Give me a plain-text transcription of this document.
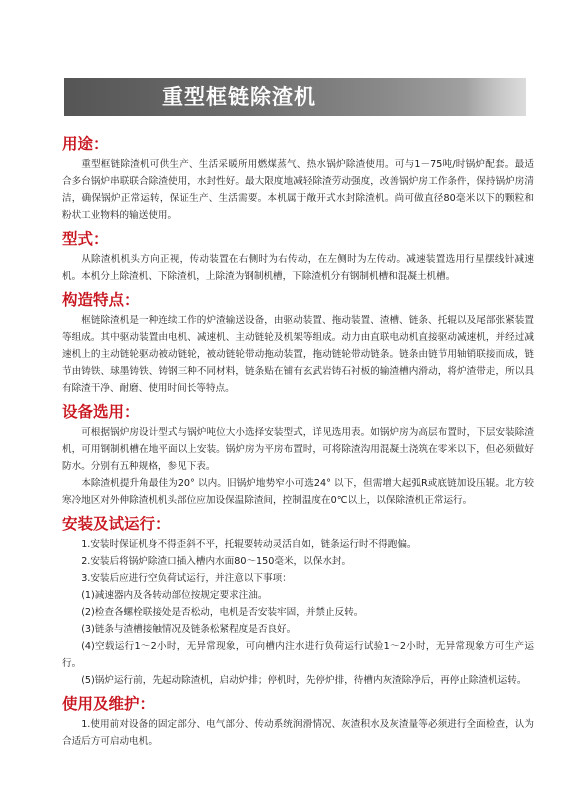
重型框链除渣机
用途：

重型框链除渣机可供生产、生活采暖所用燃煤蒸气、热水锅炉除渣使用。可与1－75吨/时锅炉配套。最适合多台锅炉串联联合除渣使用，水封性好。最大限度地减轻除渣劳动强度，改善锅炉房工作条件，保持锅炉房清洁，确保锅炉正常运转，保证生产、生活需要。本机属于敞开式水封除渣机。尚可做直径80毫米以下的颗粒和粉状工业物料的输送使用。

型式：

从除渣机机头方向正视，传动装置在右侧时为右传动，在左侧时为左传动。减速装置选用行星摆线针减速机。本机分上除渣机、下除渣机，上除渣为钢制机槽，下除渣机分有钢制机槽和混凝土机槽。

构造特点：

框链除渣机是一种连续工作的炉渣输送设备，由驱动装置、拖动装置、渣槽、链条、托辊以及尾部张紧装置等组成。其中驱动装置由电机、减速机、主动链轮及机架等组成。动力由直联电动机直接驱动减速机，并经过减速机上的主动链轮驱动被动链轮，被动链轮带动拖动装置，拖动链轮带动链条。链条由链节用轴销联接而成，链节由铸铁、球墨铸铁、铸钢三种不同材料，链条贴在铺有玄武岩铸石衬板的输渣槽内滑动，将炉渣带走，所以具有除渣干净、耐磨、使用时间长等特点。

设备选用：

可根据锅炉房设计型式与锅炉吨位大小选择安装型式，详见选用表。如锅炉房为高层布置时，下层安装除渣机，可用钢制机槽在地平面以上安装。锅炉房为平房布置时，可将除渣沟用混凝土浇筑在零米以下，但必须做好防水。分别有五种规格，参见下表。

本除渣机提升角最佳为20° 以内。旧锅炉地势窄小可选24° 以下，但需增大起弧R或底链加设压辊。北方较寒冷地区对外伸除渣机机头部位应加设保温除渣间，控制温度在0℃以上，以保除渣机正常运行。

安装及试运行：

1.安装时保证机身不得歪斜不平，托辊要转动灵活自如，链条运行时不得跑偏。

2.安装后将锅炉除渣口插入槽内水面80～150毫米，以保水封。

3.安装后应进行空负荷试运行，并注意以下事项：

(1)减速器内及各转动部位按规定要求注油。

(2)检查各螺栓联接处是否松动，电机是否安装牢固，并禁止反转。

(3)链条与渣槽接触情况及链条松紧程度是否良好。

(4)空载运行1～2小时，无异常现象，可向槽内注水进行负荷运行试验1～2小时，无异常现象方可生产运行。

(5)锅炉运行前，先起动除渣机，启动炉排；停机时，先停炉排，待槽内灰渣除净后，再停止除渣机运转。

使用及维护：

1.使用前对设备的固定部分、电气部分、传动系统润滑情况、灰渣积水及灰渣量等必须进行全面检查，认为合适后方可启动电机。
